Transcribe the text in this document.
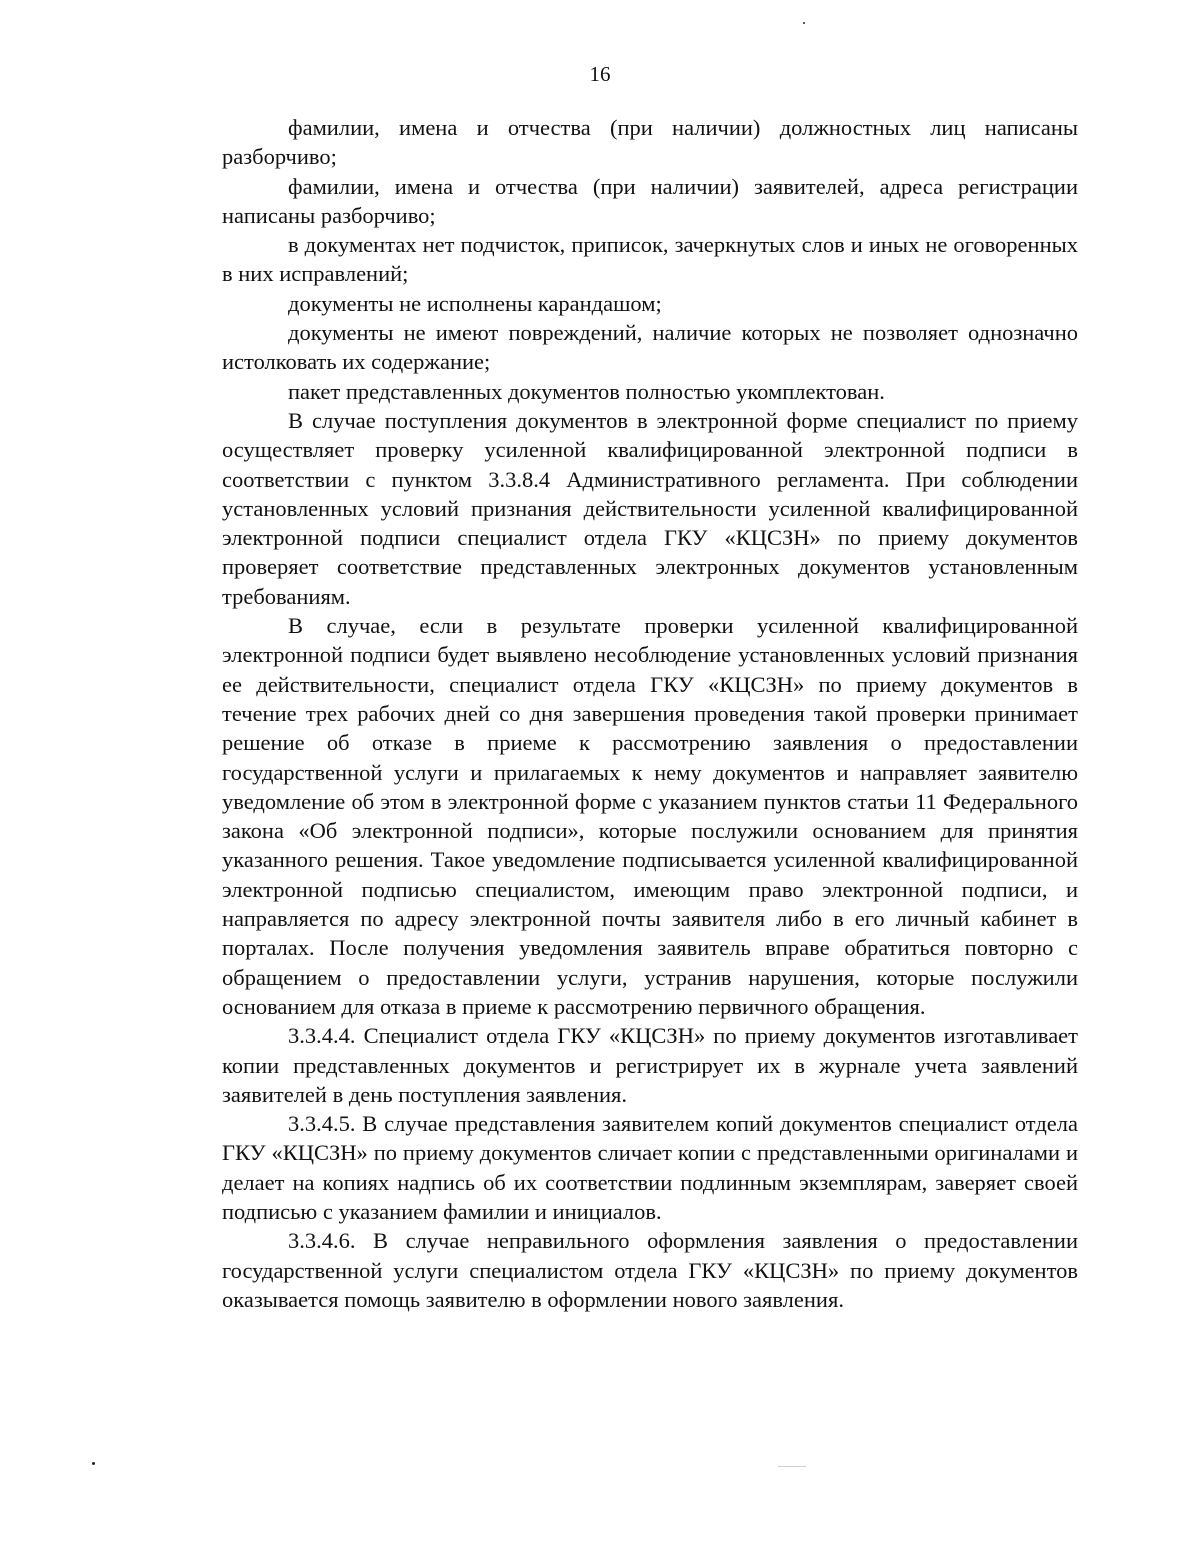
16

фамилии, имена и отчества (при наличии) должностных лиц написаны разборчиво;

фамилии, имена и отчества (при наличии) заявителей, адреса регистрации написаны разборчиво;

в документах нет подчисток, приписок, зачеркнутых слов и иных не оговоренных в них исправлений;

документы не исполнены карандашом;

документы не имеют повреждений, наличие которых не позволяет однозначно истолковать их содержание;

пакет представленных документов полностью укомплектован.

В случае поступления документов в электронной форме специалист по приему осуществляет проверку усиленной квалифицированной электронной подписи в соответствии с пунктом 3.3.8.4 Административного регламента. При соблюдении установленных условий признания действительности усиленной квалифицированной электронной подписи специалист отдела ГКУ «КЦСЗН» по приему документов проверяет соответствие представленных электронных документов установленным требованиям.

В случае, если в результате проверки усиленной квалифицированной электронной подписи будет выявлено несоблюдение установленных условий признания ее действительности, специалист отдела ГКУ «КЦСЗН» по приему документов в течение трех рабочих дней со дня завершения проведения такой проверки принимает решение об отказе в приеме к рассмотрению заявления о предоставлении государственной услуги и прилагаемых к нему документов и направляет заявителю уведомление об этом в электронной форме с указанием пунктов статьи 11 Федерального закона «Об электронной подписи», которые послужили основанием для принятия указанного решения. Такое уведомление подписывается усиленной квалифицированной электронной подписью специалистом, имеющим право электронной подписи, и направляется по адресу электронной почты заявителя либо в его личный кабинет в порталах. После получения уведомления заявитель вправе обратиться повторно с обращением о предоставлении услуги, устранив нарушения, которые послужили основанием для отказа в приеме к рассмотрению первичного обращения.

3.3.4.4. Специалист отдела ГКУ «КЦСЗН» по приему документов изготавливает копии представленных документов и регистрирует их в журнале учета заявлений заявителей в день поступления заявления.

3.3.4.5. В случае представления заявителем копий документов специалист отдела ГКУ «КЦСЗН» по приему документов сличает копии с представленными оригиналами и делает на копиях надпись об их соответствии подлинным экземплярам, заверяет своей подписью с указанием фамилии и инициалов.

3.3.4.6. В случае неправильного оформления заявления о предоставлении государственной услуги специалистом отдела ГКУ «КЦСЗН» по приему документов оказывается помощь заявителю в оформлении нового заявления.
